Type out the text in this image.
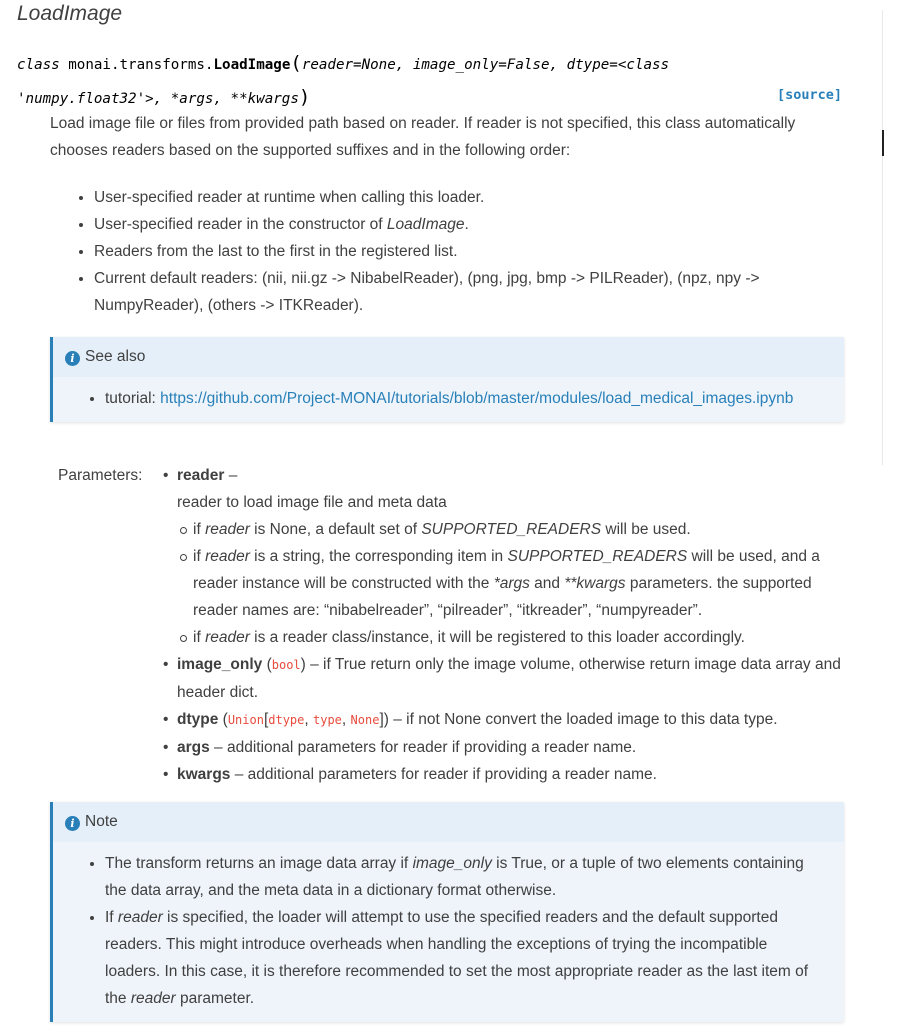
LoadImage
class monai.transforms.LoadImage(reader=None, image_only=False, dtype=<class
'numpy.float32'>, *args, **kwargs)	[source]

Load image file or files from provided path based on reader. If reader is not specified, this class automatically chooses readers based on the supported suffixes and in the following order:

• User-specified reader at runtime when calling this loader.
• User-specified reader in the constructor of LoadImage.
• Readers from the last to the first in the registered list.
• Current default readers: (nii, nii.gz -> NibabelReader), (png, jpg, bmp -> PILReader), (npz, npy -> NumpyReader), (others -> ITKReader).
i See also
• tutorial: https://github.com/Project-MONAI/tutorials/blob/master/modules/load_medical_images.ipynb
Parameters:
• reader –
reader to load image file and meta data
if reader is None, a default set of SUPPORTED_READERS will be used.
if reader is a string, the corresponding item in SUPPORTED_READERS will be used, and a reader instance will be constructed with the *args and **kwargs parameters. the supported reader names are: “nibabelreader”, “pilreader”, “itkreader”, “numpyreader”.
if reader is a reader class/instance, it will be registered to this loader accordingly.
• image_only (bool) – if True return only the image volume, otherwise return image data array and header dict.
• dtype (Union[dtype, type, None]) – if not None convert the loaded image to this data type.
• args – additional parameters for reader if providing a reader name.
• kwargs – additional parameters for reader if providing a reader name.
i Note
• The transform returns an image data array if image_only is True, or a tuple of two elements containing the data array, and the meta data in a dictionary format otherwise.
• If reader is specified, the loader will attempt to use the specified readers and the default supported readers. This might introduce overheads when handling the exceptions of trying the incompatible loaders. In this case, it is therefore recommended to set the most appropriate reader as the last item of the reader parameter.
